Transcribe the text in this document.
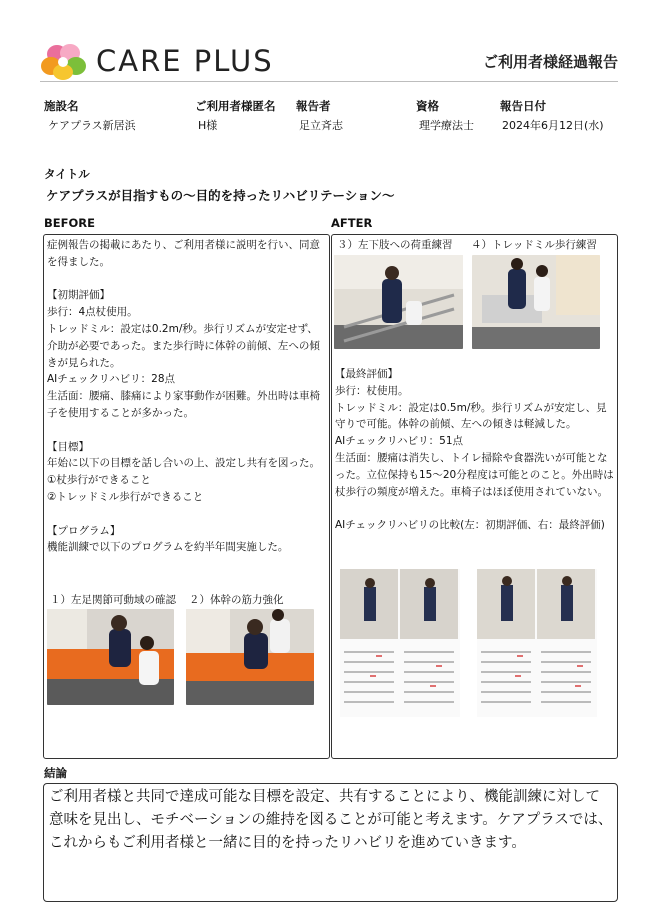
CARE PLUS	ご利用者様経過報告
施設名	ご利用者様匿名 報告者	資格	報告日付
ケアプラス新居浜	H様	足立斉志	理学療法士	2024年6月12日(水)
タイトル
ケアプラスが目指すもの〜目的を持ったリハビリテーション〜
BEFORE	AFTER
症例報告の掲載にあたり、ご利用者様に説明を行い、同意を得ました。

【初期評価】
歩行：4点杖使用。
トレッドミル：設定は0.2m/秒。歩行リズムが安定せず、介助が必要であった。また歩行時に体幹の前傾、左への傾きが見られた。
AIチェックリハビリ：28点
生活面：腰痛、膝痛により家事動作が困難。外出時は車椅子を使用することが多かった。

【目標】
年始に以下の目標を話し合いの上、設定し共有を図った。
①杖歩行ができること
②トレッドミル歩行ができること

【プログラム】
機能訓練で以下のプログラムを約半年間実施した。
１）左足関節可動域の確認 ２）体幹の筋力強化
３）左下肢への荷重練習 ４）トレッドミル歩行練習
【最終評価】
歩行：杖使用。
トレッドミル：設定は0.5m/秒。歩行リズムが安定し、見守りで可能。体幹の前傾、左への傾きは軽減した。
AIチェックリハビリ：51点
生活面：腰痛は消失し、トイレ掃除や食器洗いが可能となった。立位保持も15〜20分程度は可能とのこと。外出時は杖歩行の頻度が増えた。車椅子はほぼ使用されていない。

AIチェックリハビリの比較(左：初期評価、右：最終評価)
結論
ご利用者様と共同で達成可能な目標を設定、共有することにより、機能訓練に対して意味を見出し、モチベーションの維持を図ることが可能と考えます。ケアプラスでは、これからもご利用者様と一緒に目的を持ったリハビリを進めていきます。
